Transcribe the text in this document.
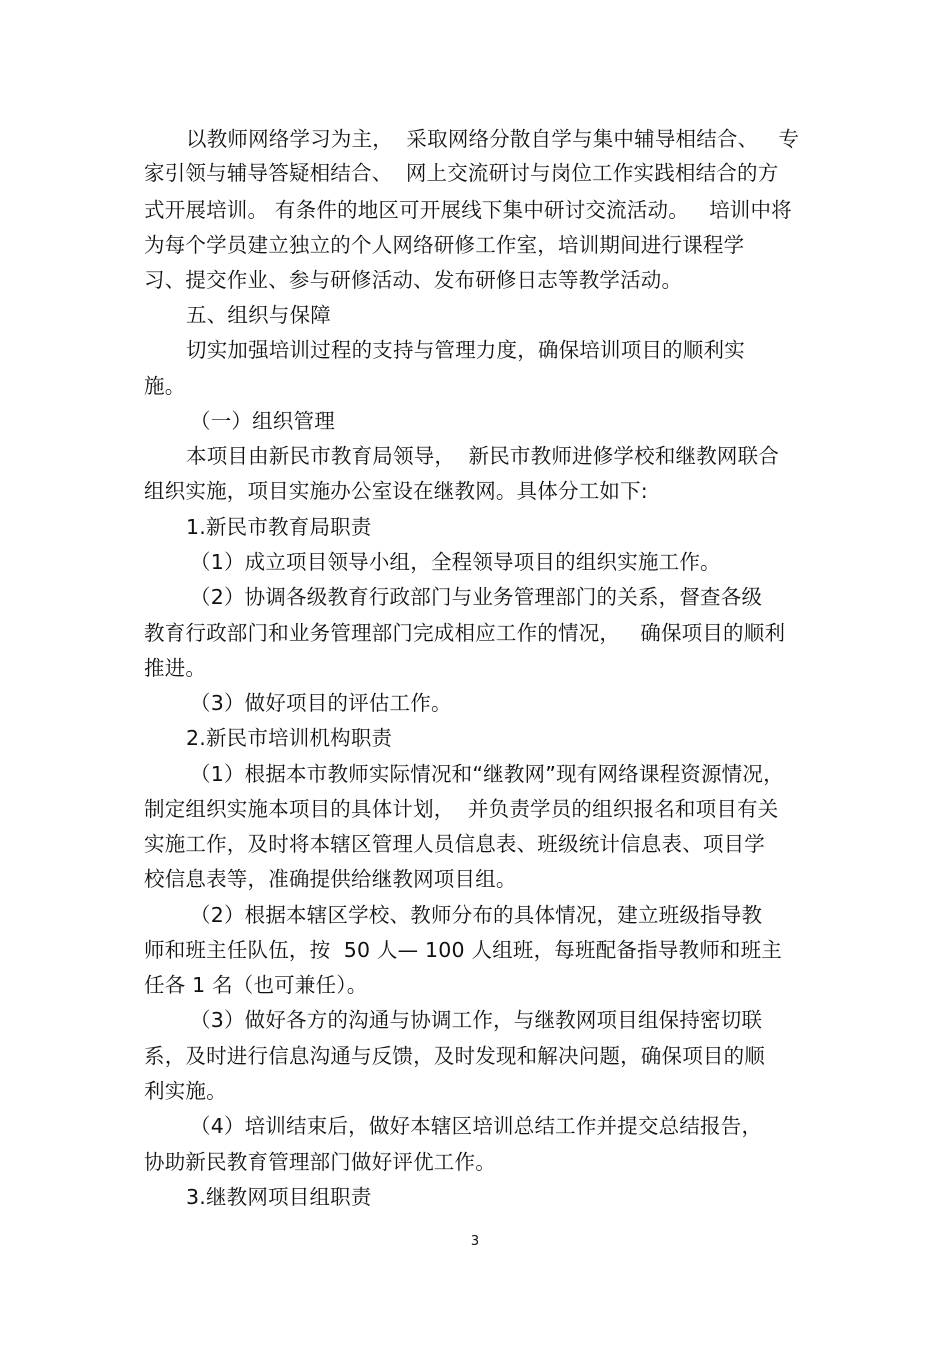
以教师网络学习为主，  采取网络分散自学与集中辅导相结合、   专
家引领与辅导答疑相结合、  网上交流研讨与岗位工作实践相结合的方
式开展培训。 有条件的地区可开展线下集中研讨交流活动。   培训中将
为每个学员建立独立的个人网络研修工作室，培训期间进行课程学
习、提交作业、参与研修活动、发布研修日志等教学活动。
五、组织与保障
切实加强培训过程的支持与管理力度，确保培训项目的顺利实
施。
（一）组织管理
本项目由新民市教育局领导，  新民市教师进修学校和继教网联合
组织实施，项目实施办公室设在继教网。具体分工如下:
1.新民市教育局职责
（1）成立项目领导小组，全程领导项目的组织实施工作。
（2）协调各级教育行政部门与业务管理部门的关系，督查各级
教育行政部门和业务管理部门完成相应工作的情况，   确保项目的顺利
推进。
（3）做好项目的评估工作。
2.新民市培训机构职责
（1）根据本市教师实际情况和“继教网”现有网络课程资源情况，
制定组织实施本项目的具体计划，  并负责学员的组织报名和项目有关
实施工作，及时将本辖区管理人员信息表、班级统计信息表、项目学
校信息表等，准确提供给继教网项目组。
（2）根据本辖区学校、教师分布的具体情况，建立班级指导教
师和班主任队伍，按  50 人— 100 人组班，每班配备指导教师和班主
任各 1 名（也可兼任）。
（3）做好各方的沟通与协调工作，与继教网项目组保持密切联
系，及时进行信息沟通与反馈，及时发现和解决问题，确保项目的顺
利实施。
（4）培训结束后，做好本辖区培训总结工作并提交总结报告，
协助新民教育管理部门做好评优工作。
3.继教网项目组职责
3
